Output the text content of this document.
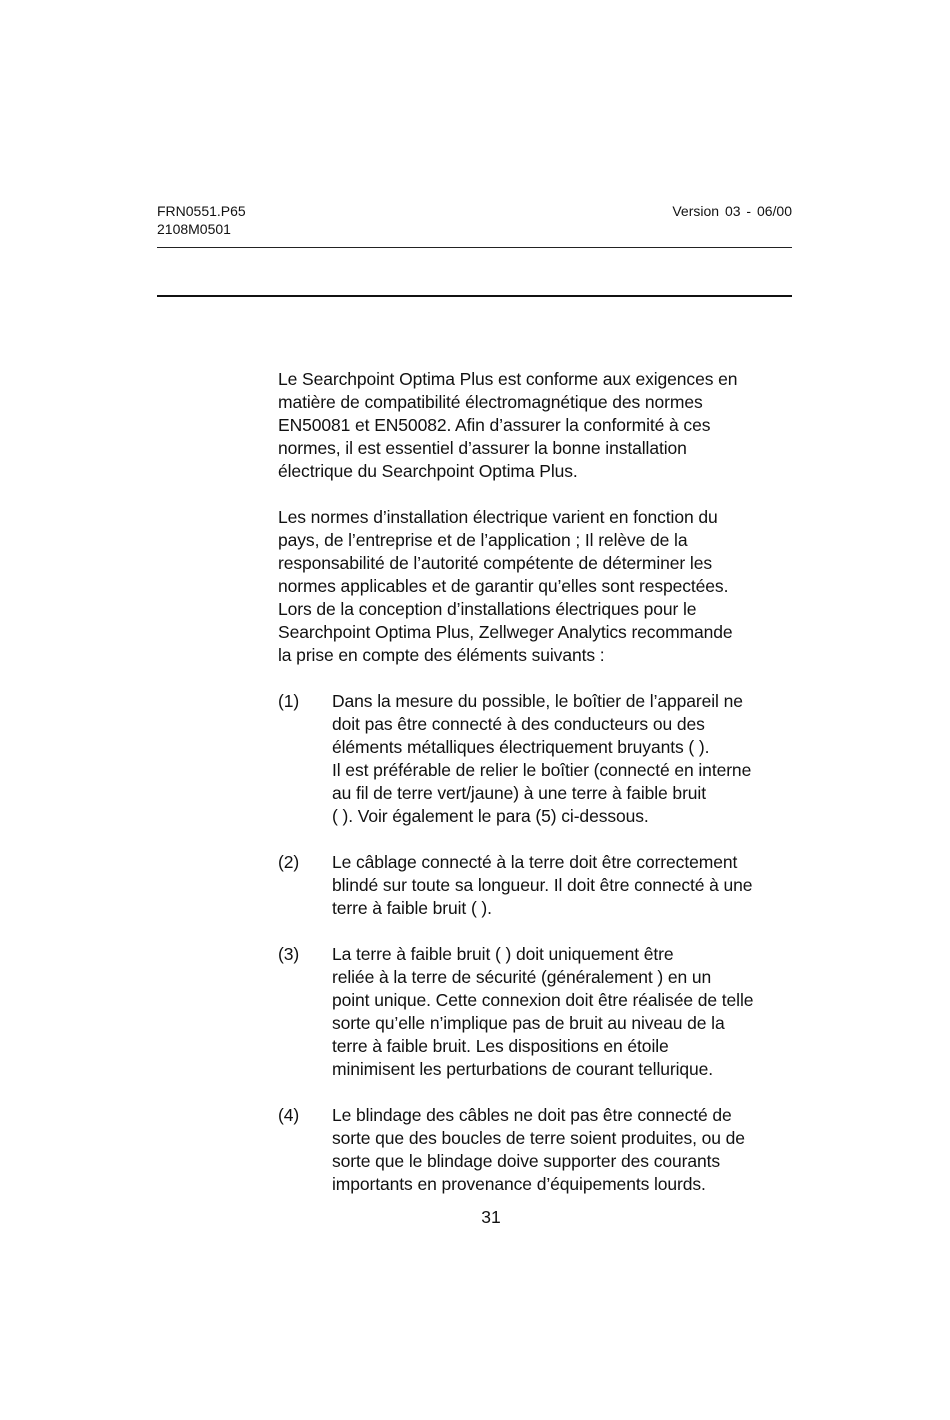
FRN0551.P65
2108M0501
Version 03 - 06/00

Le Searchpoint Optima Plus est conforme aux exigences en
matière de compatibilité électromagnétique des normes
EN50081 et EN50082. Afin d’assurer la conformité à ces
normes, il est essentiel d’assurer la bonne installation
électrique du Searchpoint Optima Plus.

Les normes d’installation électrique varient en fonction du
pays, de l’entreprise et de l’application ; Il relève de la
responsabilité de l’autorité compétente de déterminer les
normes applicables et de garantir qu’elles sont respectées.
Lors de la conception d’installations électriques pour le
Searchpoint Optima Plus, Zellweger Analytics recommande
la prise en compte des éléments suivants :

(1)	Dans la mesure du possible, le boîtier de l’appareil ne
doit pas être connecté à des conducteurs ou des
éléments métalliques électriquement bruyants ( ).
Il est préférable de relier le boîtier (connecté en interne
au fil de terre vert/jaune) à une terre à faible bruit
( ). Voir également le para (5) ci-dessous.
(2)	Le câblage connecté à la terre doit être correctement
blindé sur toute sa longueur. Il doit être connecté à une
terre à faible bruit ( ).
(3)	La terre à faible bruit ( ) doit uniquement être
reliée à la terre de sécurité (généralement ) en un
point unique. Cette connexion doit être réalisée de telle
sorte qu’elle n’implique pas de bruit au niveau de la
terre à faible bruit. Les dispositions en étoile
minimisent les perturbations de courant tellurique.
(4)	Le blindage des câbles ne doit pas être connecté de
sorte que des boucles de terre soient produites, ou de
sorte que le blindage doive supporter des courants
importants en provenance d’équipements lourds.
31
